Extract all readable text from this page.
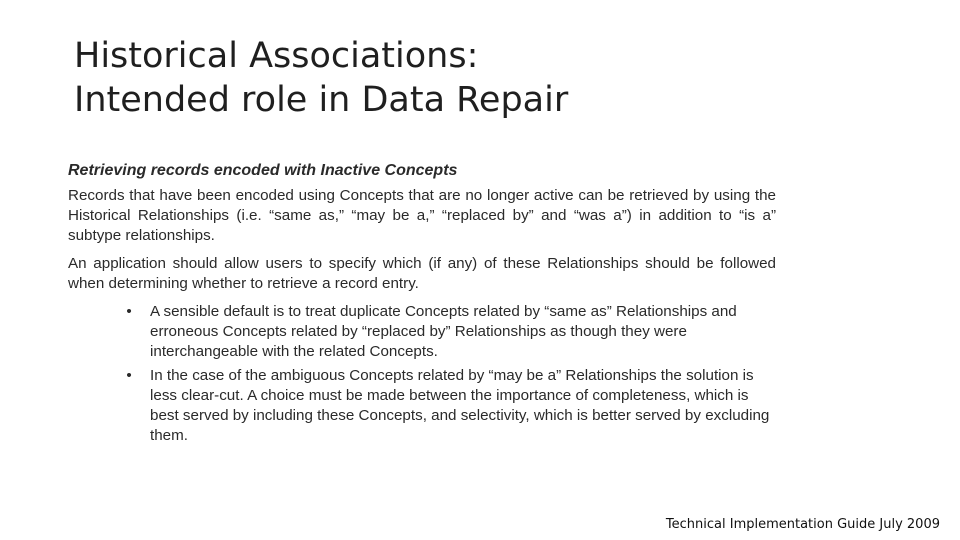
Historical Associations:
Intended role in Data Repair
Retrieving records encoded with Inactive Concepts

Records that have been encoded using Concepts that are no longer active can be retrieved by using the Historical Relationships (i.e. “same as,” “may be a,” “replaced by” and “was a”) in addition to “is a” subtype relationships.

An application should allow users to specify which (if any) of these Relationships should be followed when determining whether to retrieve a record entry.

• A sensible default is to treat duplicate Concepts related by “same as” Relationships and erroneous Concepts related by “replaced by” Relationships as though they were interchangeable with the related Concepts.
• In the case of the ambiguous Concepts related by “may be a” Relationships the solution is less clear-cut. A choice must be made between the importance of completeness, which is best served by including these Concepts, and selectivity, which is better served by excluding them.
Technical Implementation Guide July 2009
